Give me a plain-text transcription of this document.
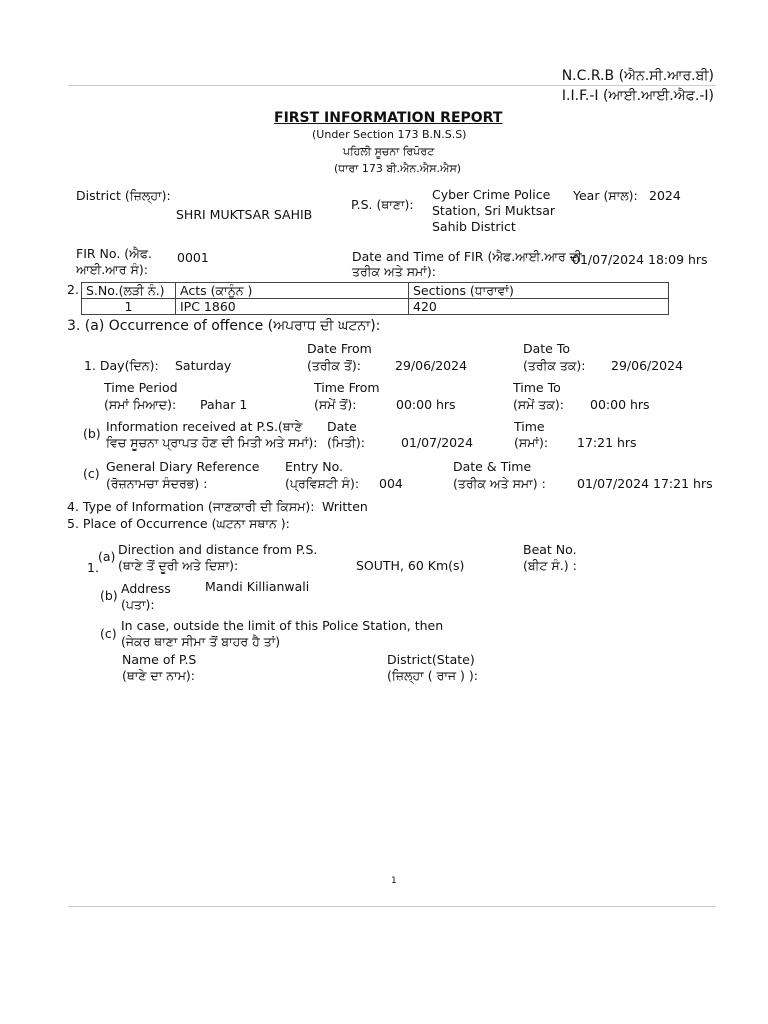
N.C.R.B (ਐਨ.ਸੀ.ਆਰ.ਬੀ)
I.I.F.-I (ਆਈ.ਆਈ.ਐਫ.-I)
FIRST INFORMATION REPORT
(Under Section 173 B.N.S.S)
ਪਹਿਲੀ ਸੂਚਨਾ ਰਿਪੋਰਟ
(ਧਾਰਾ 173 ਬੀ.ਐਨ.ਐਸ.ਐਸ)
District (ਜ਼ਿਲ੍ਹਾ):
SHRI MUKTSAR SAHIB
P.S. (ਥਾਣਾ):
Cyber Crime Police
Station, Sri Muktsar
Sahib District
Year (ਸਾਲ): 2024
FIR No. (ਐਫ.
ਆਈ.ਆਰ ਸੰ):
0001	Date and Time of FIR (ਐਫ.ਆਈ.ਆਰ ਦੀ
ਤਰੀਕ ਅਤੇ ਸਮਾਂ):
01/07/2024 18:09 hrs
2. S.No.(ਲੜੀ ਨੰ.)	Acts (ਕਾਨੂੰਨ )	Sections (ਧਾਰਾਵਾਂ)
1	IPC 1860	420
3. (a) Occurrence of offence (ਅਪਰਾਧ ਦੀ ਘਟਨਾ):
Date From	Date To
1. Day(ਦਿਨ): Saturday	(ਤਰੀਕ ਤੋਂ):	29/06/2024	(ਤਰੀਕ ਤਕ): 29/06/2024
Time Period	Time From	Time To
(ਸਮਾਂ ਮਿਆਦ): Pahar 1	(ਸਮੇਂ ਤੋਂ):	00:00 hrs	(ਸਮੇਂ ਤਕ): 00:00 hrs
(b) Information received at P.S.(ਥਾਣੇ
ਵਿਚ ਸੂਚਨਾ ਪ੍ਰਾਪਤ ਹੋਣ ਦੀ ਮਿਤੀ ਅਤੇ ਸਮਾਂ):
Date
(ਮਿਤੀ):	01/07/2024
Time
(ਸਮਾਂ): 17:21 hrs
(c) General Diary Reference
(ਰੋਜ਼ਨਾਮਚਾ ਸੰਦਰਭ) :
Entry No.
(ਪ੍ਰਵਿਸ਼ਟੀ ਸੰ): 004
Date & Time
(ਤਰੀਕ ਅਤੇ ਸਮਾ) : 01/07/2024 17:21 hrs
4. Type of Information (ਜਾਣਕਾਰੀ ਦੀ ਕਿਸਮ): Written
5. Place of Occurrence (ਘਟਨਾ ਸਥਾਨ ):
1.
(a) Direction and distance from P.S.
(ਥਾਣੇ ਤੋਂ ਦੂਰੀ ਅਤੇ ਦਿਸ਼ਾ):	SOUTH, 60 Km(s)
Beat No.
(ਬੀਟ ਸੰ.) :
(b) Address
(ਪਤਾ):
Mandi Killianwali
(c)
In case, outside the limit of this Police Station, then
(ਜੇਕਰ ਥਾਣਾ ਸੀਮਾ ਤੋਂ ਬਾਹਰ ਹੈ ਤਾਂ)
Name of P.S
(ਥਾਣੇ ਦਾ ਨਾਮ):
District(State)
(ਜ਼ਿਲ੍ਹਾ ( ਰਾਜ ) ):
1
